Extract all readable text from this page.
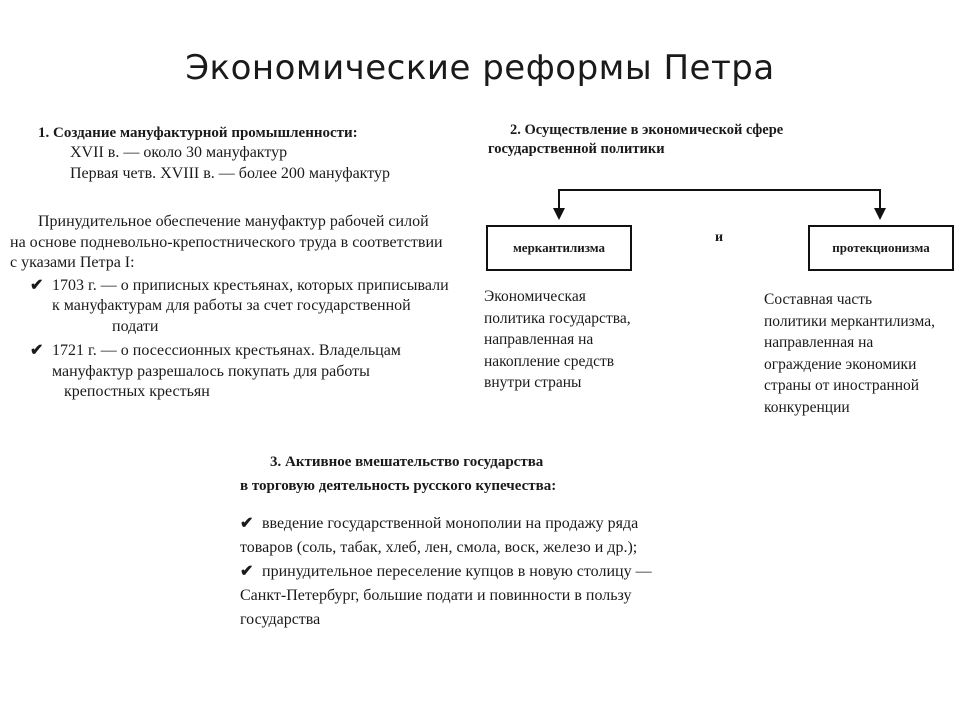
Экономические реформы Петра
1. Создание мануфактурной промышленности:
XVII в. — около 30 мануфактур
Первая четв. XVIII в. — более 200 мануфактур
Принудительное обеспечение мануфактур рабочей силой
на основе подневольно-крепостнического труда в соответствии
с указами Петра I:
✔ 1703 г. — о приписных крестьянах, которых приписывали
к мануфактурам для работы за счет государственной
подати
✔ 1721 г. — о посессионных крестьянах. Владельцам
мануфактур разрешалось покупать для работы
крепостных крестьян
2. Осуществление в экономической сфере
государственной политики
меркантилизма
и
протекционизма
Экономическая
политика государства,
направленная на
накопление средств
внутри страны
Составная часть
политики меркантилизма,
направленная на
ограждение экономики
страны от иностранной
конкуренции
3. Активное вмешательство государства
в торговую деятельность русского купечества:
✔ введение государственной монополии на продажу ряда
товаров (соль, табак, хлеб, лен, смола, воск, железо и др.);
✔ принудительное переселение купцов в новую столицу —
Санкт-Петербург, большие подати и повинности в пользу
государства
